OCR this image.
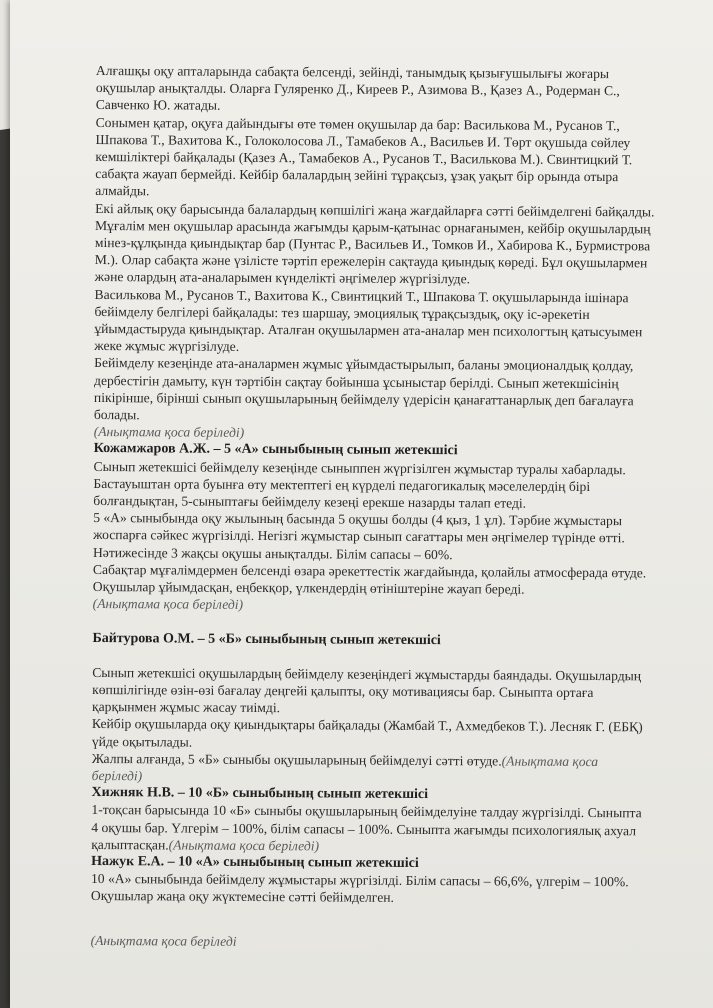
Алғашқы оқу апталарында сабақта белсенді, зейінді, танымдық қызығушылығы жоғары оқушылар анықталды. Оларға Гуляренко Д., Киреев Р., Азимова В., Қазез А., Родерман С., Савченко Ю. жатады.

Сонымен қатар, оқуға дайындығы өте төмен оқушылар да бар: Василькова М., Русанов Т., Шпакова Т., Вахитова К., Голоколосова Л., Тамабеков А., Васильев И. Төрт оқушыда сөйлеу кемшіліктері байқалады (Қазез А., Тамабеков А., Русанов Т., Василькова М.). Свинтицкий Т. сабақта жауап бермейді. Кейбір балалардың зейіні тұрақсыз, ұзақ уақыт бір орында отыра алмайды.

Екі айлық оқу барысында балалардың көпшілігі жаңа жағдайларға сәтті бейімделгені байқалды. Мұғалім мен оқушылар арасында жағымды қарым-қатынас орнағанымен, кейбір оқушылардың мінез-құлқында қиындықтар бар (Пунтас Р., Васильев И., Томков И., Хабирова К., Бурмистрова М.). Олар сабақта және үзілісте тәртіп ережелерін сақтауда қиындық көреді. Бұл оқушылармен және олардың ата-аналарымен күнделікті әңгімелер жүргізілуде.

Василькова М., Русанов Т., Вахитова К., Свинтицкий Т., Шпакова Т. оқушыларында ішінара бейімделу белгілері байқалады: тез шаршау, эмоциялық тұрақсыздық, оқу іс-әрекетін ұйымдастыруда қиындықтар. Аталған оқушылармен ата-аналар мен психологтың қатысуымен жеке жұмыс жүргізілуде.

Бейімделу кезеңінде ата-аналармен жұмыс ұйымдастырылып, баланы эмоционалдық қолдау, дербестігін дамыту, күн тәртібін сақтау бойынша ұсыныстар берілді. Сынып жетекшісінің пікірінше, бірінші сынып оқушыларының бейімделу үдерісін қанағаттанарлық деп бағалауға болады.

(Анықтама қоса беріледі)

Кожамжаров А.Ж. – 5 «А» сыныбының сынып жетекшісі

Сынып жетекшісі бейімделу кезеңінде сыныппен жүргізілген жұмыстар туралы хабарлады. Бастауыштан орта буынға өту мектептегі ең күрделі педагогикалық мәселелердің бірі болғандықтан, 5-сыныптағы бейімделу кезеңі ерекше назарды талап етеді.

5 «А» сыныбында оқу жылының басында 5 оқушы болды (4 қыз, 1 ұл). Тәрбие жұмыстары жоспарға сәйкес жүргізілді. Негізгі жұмыстар сынып сағаттары мен әңгімелер түрінде өтті. Нәтижесінде 3 жақсы оқушы анықталды. Білім сапасы – 60%.

Сабақтар мұғалімдермен белсенді өзара әрекеттестік жағдайында, қолайлы атмосферада өтуде. Оқушылар ұйымдасқан, еңбекқор, үлкендердің өтініштеріне жауап береді.

(Анықтама қоса беріледі)

Байтурова О.М. – 5 «Б» сыныбының сынып жетекшісі

Сынып жетекшісі оқушылардың бейімделу кезеңіндегі жұмыстарды баяндады. Оқушылардың көпшілігінде өзін-өзі бағалау деңгейі қалыпты, оқу мотивациясы бар. Сыныпта ортаға қарқынмен жұмыс жасау тиімді.

Кейбір оқушыларда оқу қиындықтары байқалады (Жамбай Т., Ахмедбеков Т.). Лесняк Г. (ЕБҚ) үйде оқытылады.

Жалпы алғанда, 5 «Б» сыныбы оқушыларының бейімделуі сәтті өтуде.(Анықтама қоса беріледі)

Хижняк Н.В. – 10 «Б» сыныбының сынып жетекшісі

1-тоқсан барысында 10 «Б» сыныбы оқушыларының бейімделуіне талдау жүргізілді. Сыныпта 4 оқушы бар. Үлгерім – 100%, білім сапасы – 100%. Сыныпта жағымды психологиялық ахуал қалыптасқан.(Анықтама қоса беріледі)

Нажук Е.А. – 10 «А» сыныбының сынып жетекшісі

10 «А» сыныбында бейімделу жұмыстары жүргізілді. Білім сапасы – 66,6%, үлгерім – 100%. Оқушылар жаңа оқу жүктемесіне сәтті бейімделген.

(Анықтама қоса беріледі
